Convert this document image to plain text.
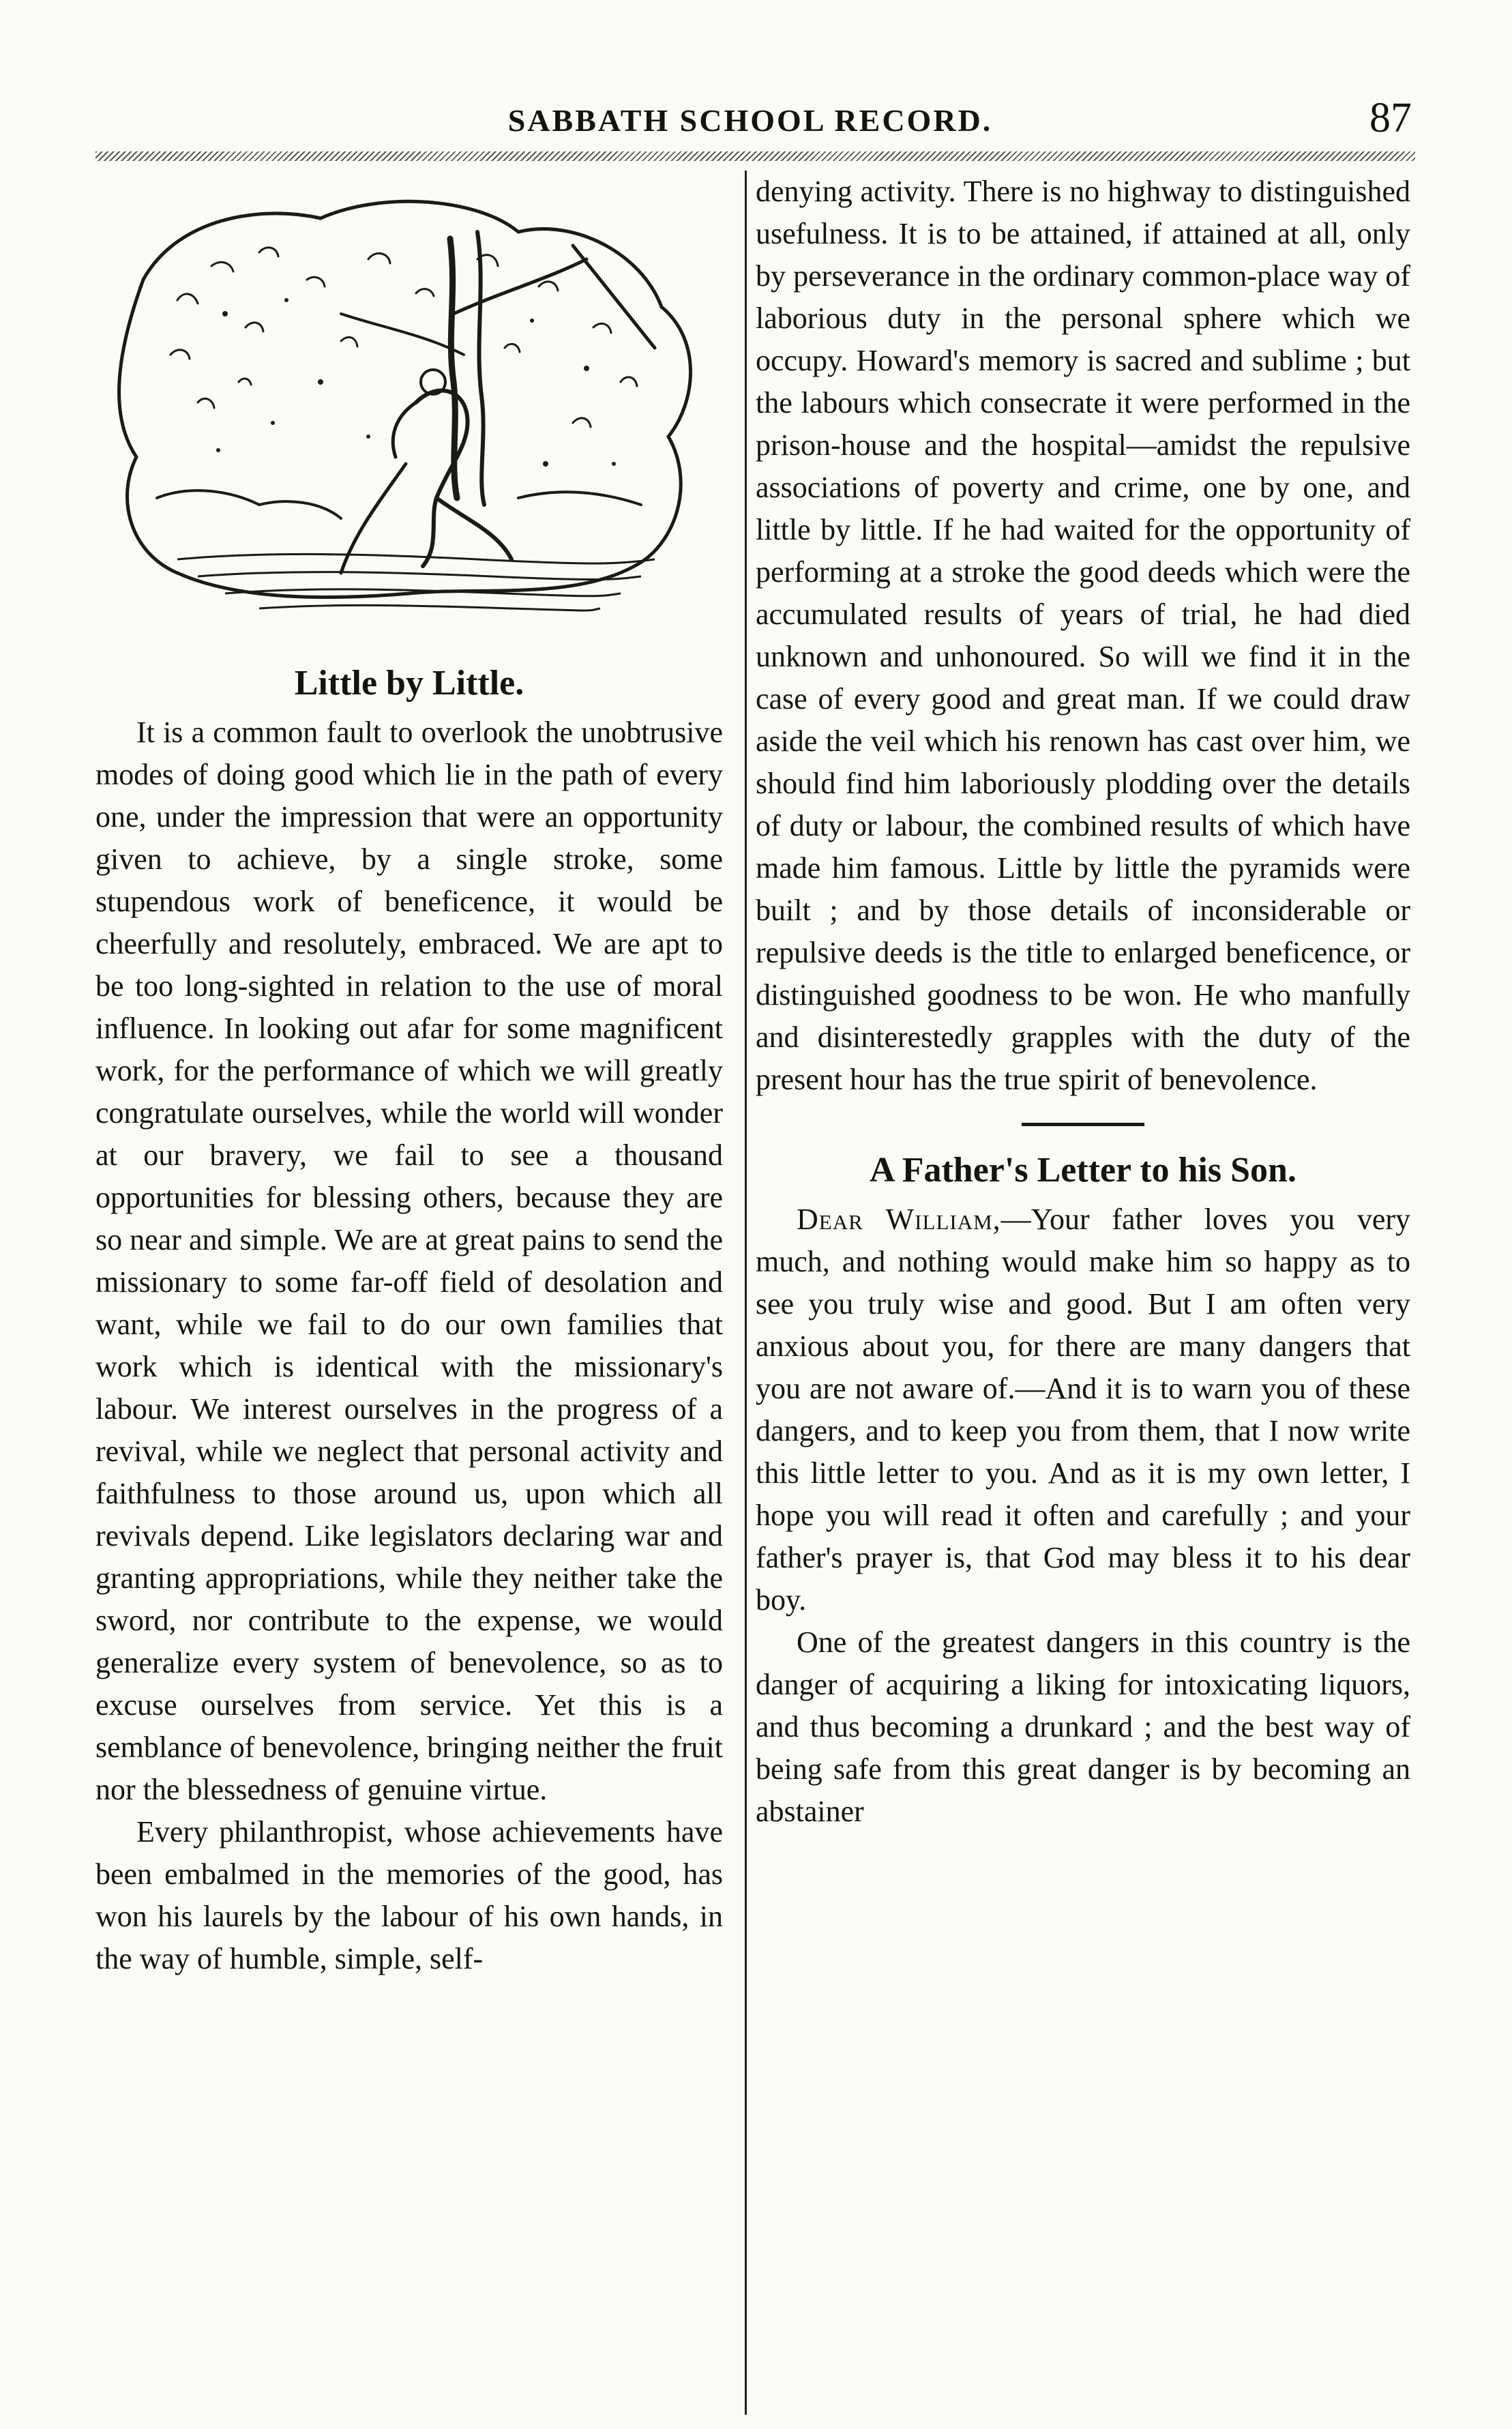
SABBATH SCHOOL RECORD.	87
Little by Little.

It is a common fault to overlook the unobtrusive modes of doing good which lie in the path of every one, under the impression that were an opportunity given to achieve, by a single stroke, some stupendous work of beneficence, it would be cheerfully and resolutely, embraced. We are apt to be too long-sighted in relation to the use of moral influence. In looking out afar for some magnificent work, for the performance of which we will greatly congratulate ourselves, while the world will wonder at our bravery, we fail to see a thousand opportunities for blessing others, because they are so near and simple. We are at great pains to send the missionary to some far-off field of desolation and want, while we fail to do our own families that work which is identical with the missionary's labour. We interest ourselves in the progress of a revival, while we neglect that personal activity and faithfulness to those around us, upon which all revivals depend. Like legislators declaring war and granting appropriations, while they neither take the sword, nor contribute to the expense, we would generalize every system of benevolence, so as to excuse ourselves from service. Yet this is a semblance of benevolence, bringing neither the fruit nor the blessedness of genuine virtue.

Every philanthropist, whose achievements have been embalmed in the memories of the good, has won his laurels by the labour of his own hands, in the way of humble, simple, self-

denying activity. There is no highway to distinguished usefulness. It is to be attained, if attained at all, only by perseverance in the ordinary common-place way of laborious duty in the personal sphere which we occupy. Howard's memory is sacred and sublime ; but the labours which consecrate it were performed in the prison-house and the hospital—amidst the repulsive associations of poverty and crime, one by one, and little by little. If he had waited for the opportunity of performing at a stroke the good deeds which were the accumulated results of years of trial, he had died unknown and unhonoured. So will we find it in the case of every good and great man. If we could draw aside the veil which his renown has cast over him, we should find him laboriously plodding over the details of duty or labour, the combined results of which have made him famous. Little by little the pyramids were built ; and by those details of inconsiderable or repulsive deeds is the title to enlarged beneficence, or distinguished goodness to be won. He who manfully and disinterestedly grapples with the duty of the present hour has the true spirit of benevolence.

A Father's Letter to his Son.

Dear William,—Your father loves you very much, and nothing would make him so happy as to see you truly wise and good. But I am often very anxious about you, for there are many dangers that you are not aware of.—And it is to warn you of these dangers, and to keep you from them, that I now write this little letter to you. And as it is my own letter, I hope you will read it often and carefully ; and your father's prayer is, that God may bless it to his dear boy.

One of the greatest dangers in this country is the danger of acquiring a liking for intoxicating liquors, and thus becoming a drunkard ; and the best way of being safe from this great danger is by becoming an abstainer
